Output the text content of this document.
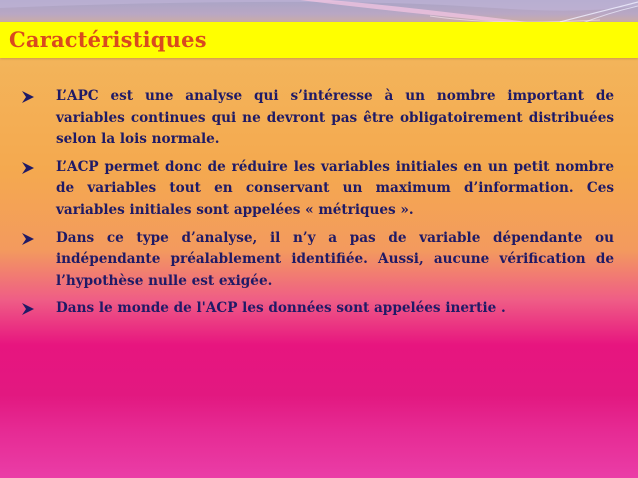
Caractéristiques
L’APC est une analyse qui s’intéresse à un nombre important de variables continues qui ne devront pas être obligatoirement distribuées selon la lois normale.
L’ACP permet donc de réduire les variables initiales en un petit nombre de variables tout en conservant un maximum d’information. Ces variables initiales sont appelées « métriques ».
Dans ce type d’analyse, il n’y a pas de variable dépendante ou indépendante préalablement identifiée. Aussi, aucune vérification de l’hypothèse nulle est exigée.
Dans le monde de l'ACP les données sont appelées inertie .
